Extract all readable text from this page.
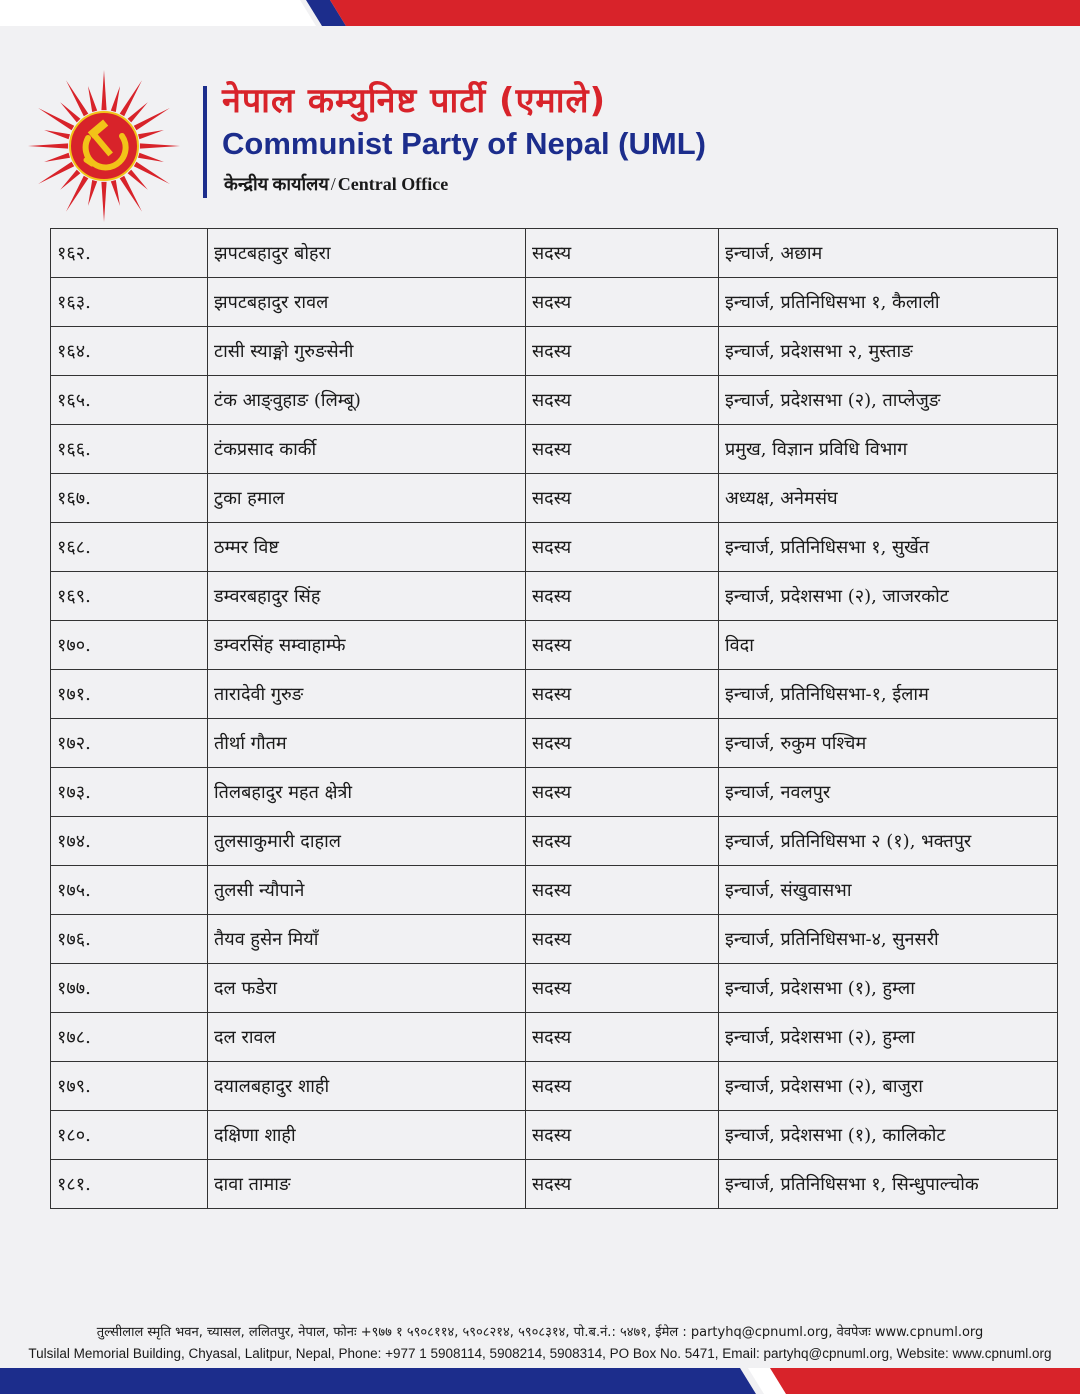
नेपाल कम्युनिष्ट पार्टी (एमाले)
Communist Party of Nepal (UML)
केन्द्रीय कार्यालय / Central Office
१६२.	झपटबहादुर बोहरा	सदस्य	इन्चार्ज, अछाम
१६३.	झपटबहादुर रावल	सदस्य	इन्चार्ज, प्रतिनिधिसभा १, कैलाली
१६४.	टासी स्याङ्मो गुरुङसेनी	सदस्य	इन्चार्ज, प्रदेशसभा २, मुस्ताङ
१६५.	टंक आङ्वुहाङ (लिम्बू)	सदस्य	इन्चार्ज, प्रदेशसभा (२), ताप्लेजुङ
१६६.	टंकप्रसाद कार्की	सदस्य	प्रमुख, विज्ञान प्रविधि विभाग
१६७.	टुका हमाल	सदस्य	अध्यक्ष, अनेमसंघ
१६८.	ठम्मर विष्ट	सदस्य	इन्चार्ज, प्रतिनिधिसभा १, सुर्खेत
१६९.	डम्वरबहादुर सिंह	सदस्य	इन्चार्ज, प्रदेशसभा (२), जाजरकोट
१७०.	डम्वरसिंह सम्वाहाम्फे	सदस्य	विदा
१७१.	तारादेवी गुरुङ	सदस्य	इन्चार्ज, प्रतिनिधिसभा-१, ईलाम
१७२.	तीर्था गौतम	सदस्य	इन्चार्ज, रुकुम पश्चिम
१७३.	तिलबहादुर महत क्षेत्री	सदस्य	इन्चार्ज, नवलपुर
१७४.	तुलसाकुमारी दाहाल	सदस्य	इन्चार्ज, प्रतिनिधिसभा २ (१), भक्तपुर
१७५.	तुलसी न्यौपाने	सदस्य	इन्चार्ज, संखुवासभा
१७६.	तैयव हुसेन मियाँ	सदस्य	इन्चार्ज, प्रतिनिधिसभा-४, सुनसरी
१७७.	दल फडेरा	सदस्य	इन्चार्ज, प्रदेशसभा (१), हुम्ला
१७८.	दल रावल	सदस्य	इन्चार्ज, प्रदेशसभा (२), हुम्ला
१७९.	दयालबहादुर शाही	सदस्य	इन्चार्ज, प्रदेशसभा (२), बाजुरा
१८०.	दक्षिणा शाही	सदस्य	इन्चार्ज, प्रदेशसभा (१), कालिकोट
१८१.	दावा तामाङ	सदस्य	इन्चार्ज, प्रतिनिधिसभा १, सिन्धुपाल्चोक
तुल्सीलाल स्मृति भवन, च्यासल, ललितपुर, नेपाल, फोनः +९७७ १ ५९०८११४, ५९०८२१४, ५९०८३१४, पो.ब.नं.: ५४७१, ईमेल : partyhq@cpnuml.org, वेवपेजः www.cpnuml.org
Tulsilal Memorial Building, Chyasal, Lalitpur, Nepal, Phone: +977 1 5908114, 5908214, 5908314, PO Box No. 5471, Email: partyhq@cpnuml.org, Website: www.cpnuml.org
